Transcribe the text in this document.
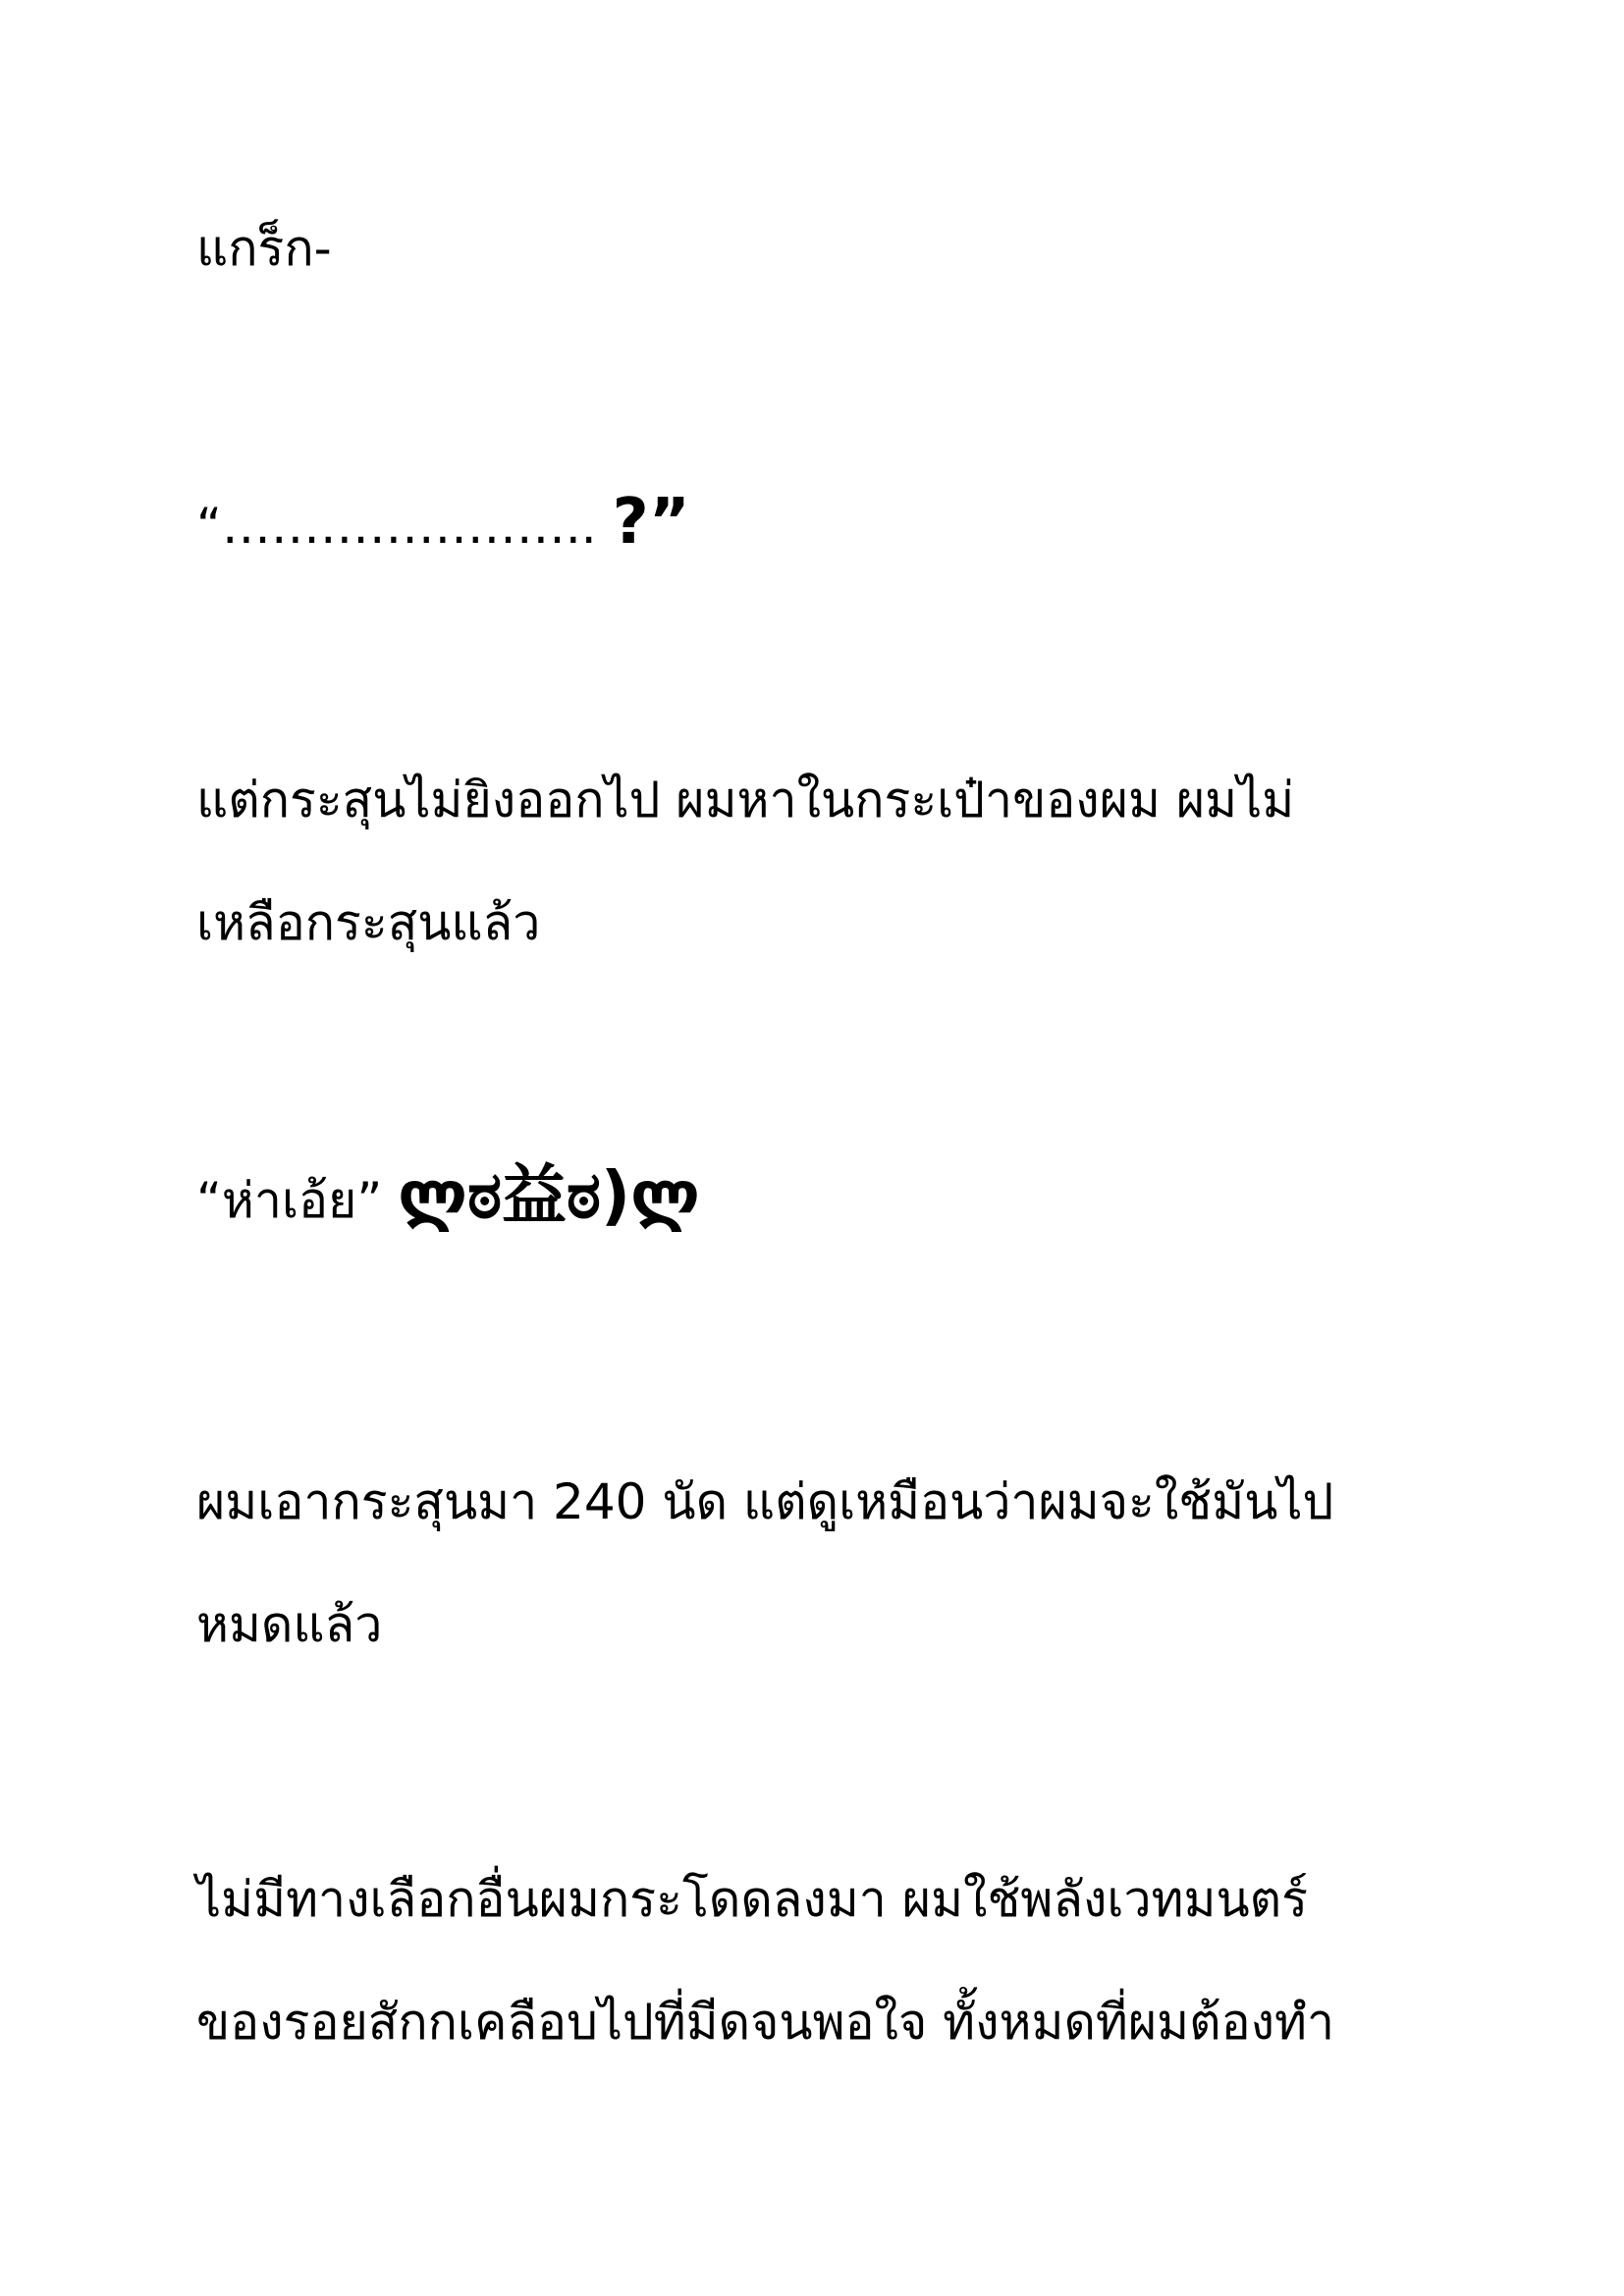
แกร็ก-
“………………….. ?”
แต่กระสุนไม่ยิงออกไป ผมหาในกระเป๋าของผม ผมไม่
เหลือกระสุนแล้ว
“ห่าเอ้ย” ლಠ益ಠ)ლ
ผมเอากระสุนมา 240 นัด แต่ดูเหมือนว่าผมจะใช้มันไป
หมดแล้ว
ไม่มีทางเลือกอื่นผมกระโดดลงมา ผมใช้พลังเวทมนตร์
ของรอยสักกเคลือบไปที่มีดจนพอใจ ทั้งหมดที่ผมต้องทำ
